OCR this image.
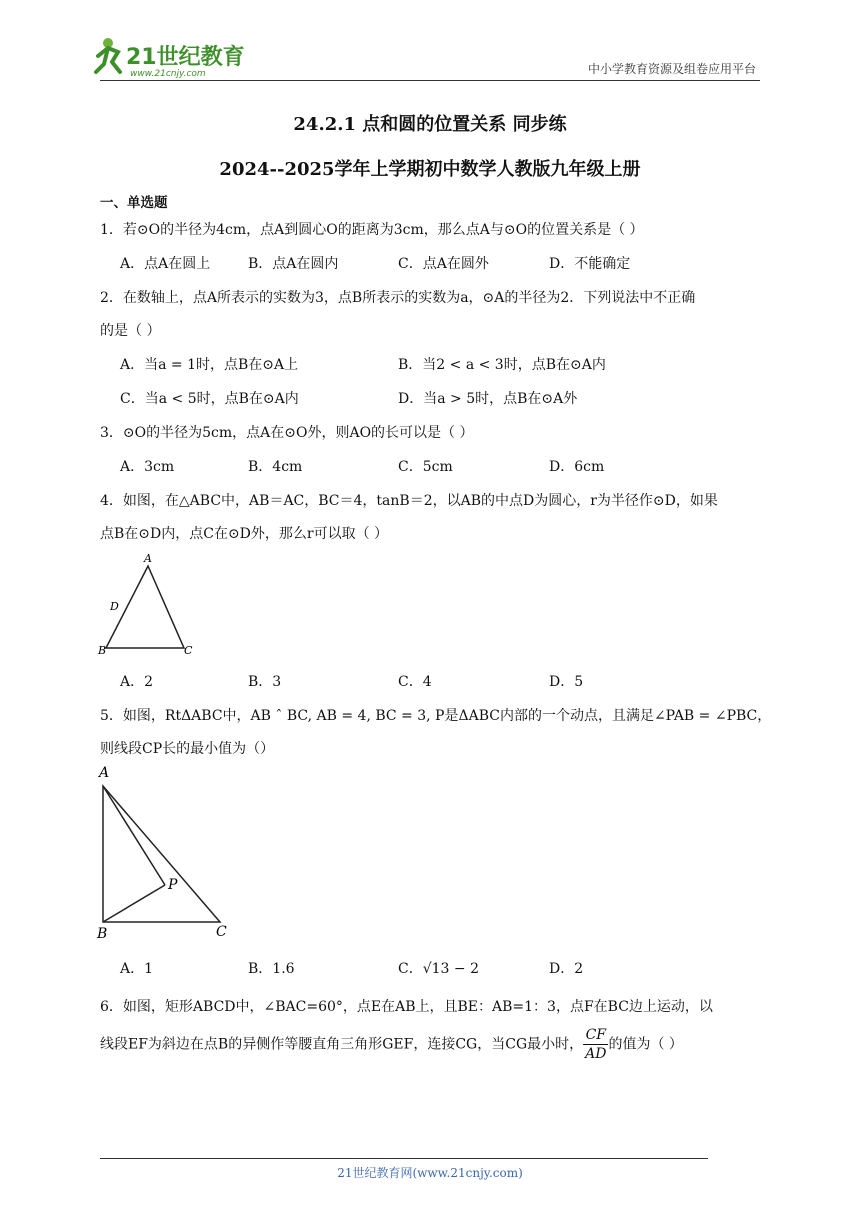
21世纪教育
www.21cnjy.com	中小学教育资源及组卷应用平台
24.2.1 点和圆的位置关系 同步练
2024--2025学年上学期初中数学人教版九年级上册
一、单选题
1．若⊙O的半径为4cm，点A到圆心O的距离为3cm，那么点A与⊙O的位置关系是（ ）
A．点A在圆上	B．点A在圆内	C．点A在圆外	D．不能确定
2．在数轴上，点A所表示的实数为3，点B所表示的实数为a，⊙A的半径为2．下列说法中不正确
的是（ ）
A．当a = 1时，点B在⊙A上	B．当2 < a < 3时，点B在⊙A内
C．当a < 5时，点B在⊙A内	D．当a > 5时，点B在⊙A外
3．⊙O的半径为5cm，点A在⊙O外，则AO的长可以是（ ）
A．3cm	B．4cm	C．5cm	D．6cm
4．如图，在△ABC中，AB＝AC，BC＝4，tanB＝2，以AB的中点D为圆心，r为半径作⊙D，如果
点B在⊙D内，点C在⊙D外，那么r可以取（ ）
A
D
B	C
A．2	B．3	C．4	D．5
5．如图，RtΔABC中，AB ˆ BC, AB = 4, BC = 3, P是ΔABC内部的一个动点，且满足∠PAB = ∠PBC，
则线段CP长的最小值为（）
A
P
B	C
A．1	B．1.6	C．√13 − 2	D．2
6．如图，矩形ABCD中，∠BAC=60°，点E在AB上，且BE：AB=1：3，点F在BC边上运动，以
线段EF为斜边在点B的异侧作等腰直角三角形GEF，连接CG，当CG最小时， $\frac{CF}{AD}$ 的值为（ ）
21世纪教育网(www.21cnjy.com)
